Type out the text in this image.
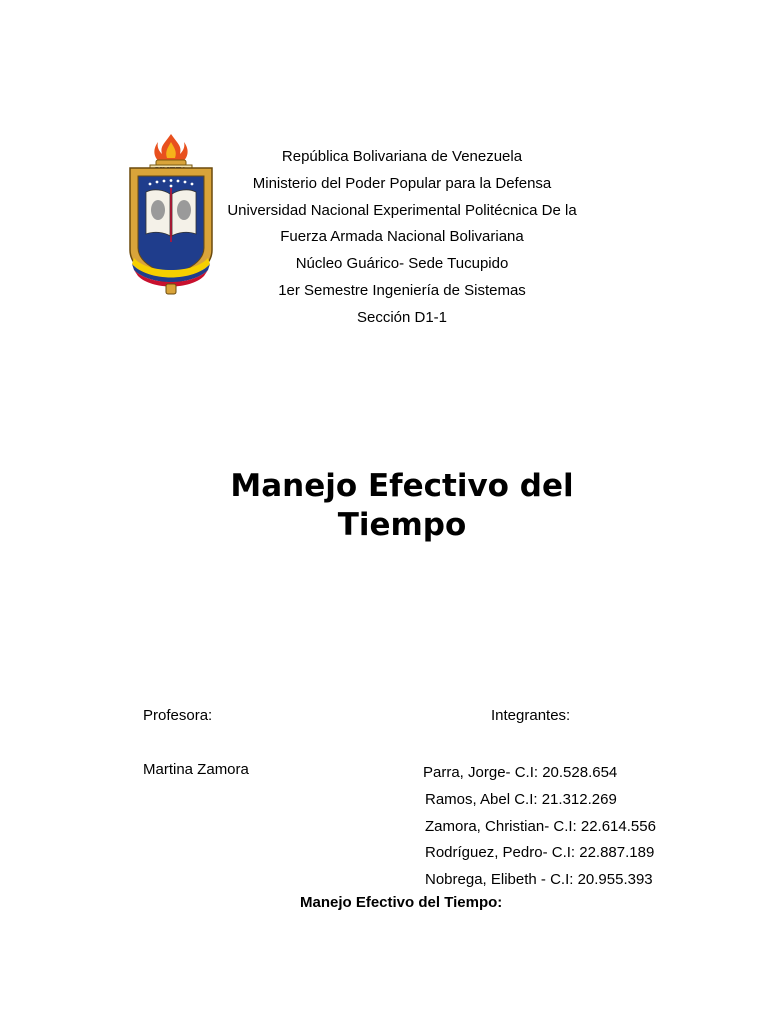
República Bolivariana de Venezuela
Ministerio del Poder Popular para la Defensa
Universidad Nacional Experimental Politécnica De la
Fuerza Armada Nacional Bolivariana
Núcleo Guárico- Sede Tucupido
1er Semestre Ingeniería de Sistemas
Sección D1-1
Manejo Efectivo del
Tiempo
Profesora:
Martina Zamora
Integrantes:
Parra, Jorge- C.I: 20.528.654
Ramos, Abel C.I: 21.312.269
Zamora, Christian- C.I: 22.614.556
Rodríguez, Pedro- C.I: 22.887.189
Nobrega, Elibeth - C.I: 20.955.393
Manejo Efectivo del Tiempo:
